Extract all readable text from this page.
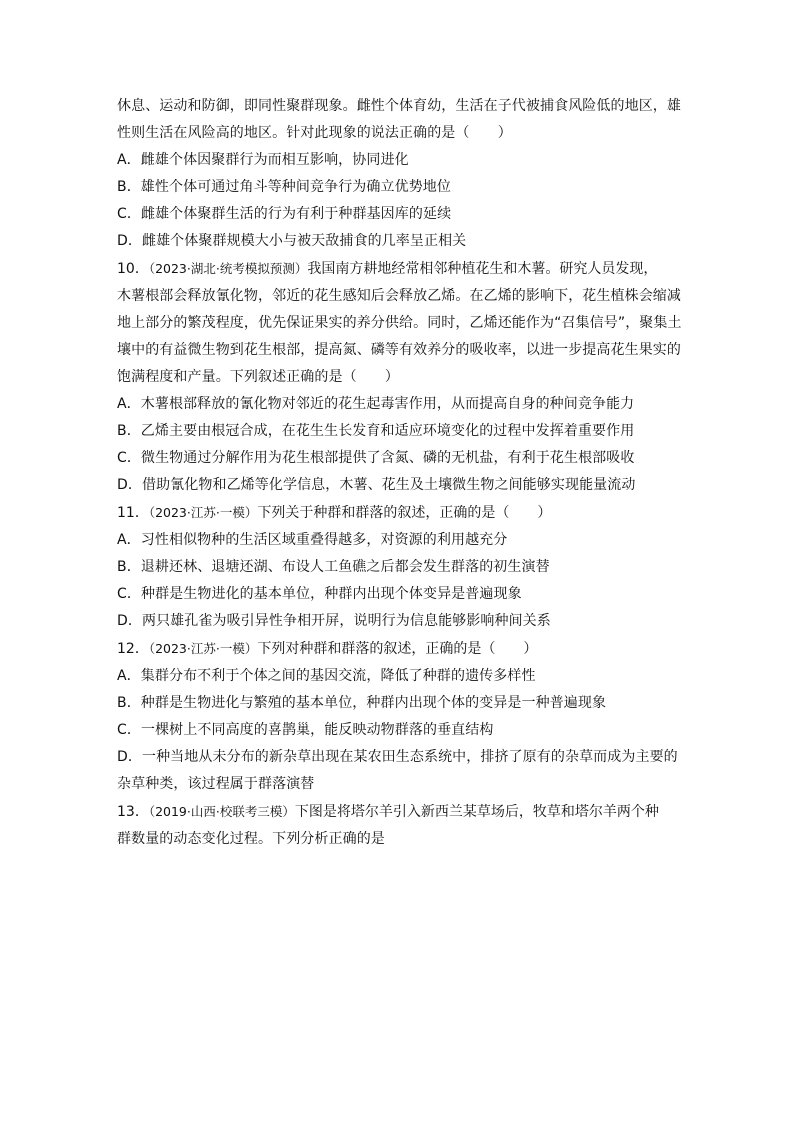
休息、运动和防御，即同性聚群现象。雌性个体育幼，生活在子代被捕食风险低的地区，雄
性则生活在风险高的地区。针对此现象的说法正确的是（　　）
A．雌雄个体因聚群行为而相互影响，协同进化
B．雄性个体可通过角斗等种间竞争行为确立优势地位
C．雌雄个体聚群生活的行为有利于种群基因库的延续
D．雌雄个体聚群规模大小与被天敌捕食的几率呈正相关
10．（2023·湖北·统考模拟预测）我国南方耕地经常相邻种植花生和木薯。研究人员发现，
木薯根部会释放氰化物，邻近的花生感知后会释放乙烯。在乙烯的影响下，花生植株会缩减
地上部分的繁茂程度，优先保证果实的养分供给。同时，乙烯还能作为“召集信号”，聚集土
壤中的有益微生物到花生根部，提高氮、磷等有效养分的吸收率，以进一步提高花生果实的
饱满程度和产量。下列叙述正确的是（　　）
A．木薯根部释放的氰化物对邻近的花生起毒害作用，从而提高自身的种间竞争能力
B．乙烯主要由根冠合成，在花生生长发育和适应环境变化的过程中发挥着重要作用
C．微生物通过分解作用为花生根部提供了含氮、磷的无机盐，有利于花生根部吸收
D．借助氰化物和乙烯等化学信息，木薯、花生及土壤微生物之间能够实现能量流动
11．（2023·江苏·一模）下列关于种群和群落的叙述，正确的是（　　）
A．习性相似物种的生活区域重叠得越多，对资源的利用越充分
B．退耕还林、退塘还湖、布设人工鱼礁之后都会发生群落的初生演替
C．种群是生物进化的基本单位，种群内出现个体变异是普遍现象
D．两只雄孔雀为吸引异性争相开屏，说明行为信息能够影响种间关系
12．（2023·江苏·一模）下列对种群和群落的叙述，正确的是（　　）
A．集群分布不利于个体之间的基因交流，降低了种群的遗传多样性
B．种群是生物进化与繁殖的基本单位，种群内出现个体的变异是一种普遍现象
C．一棵树上不同高度的喜鹊巢，能反映动物群落的垂直结构
D．一种当地从未分布的新杂草出现在某农田生态系统中，排挤了原有的杂草而成为主要的
杂草种类，该过程属于群落演替
13．（2019·山西·校联考三模）下图是将塔尔羊引入新西兰某草场后，牧草和塔尔羊两个种
群数量的动态变化过程。下列分析正确的是
